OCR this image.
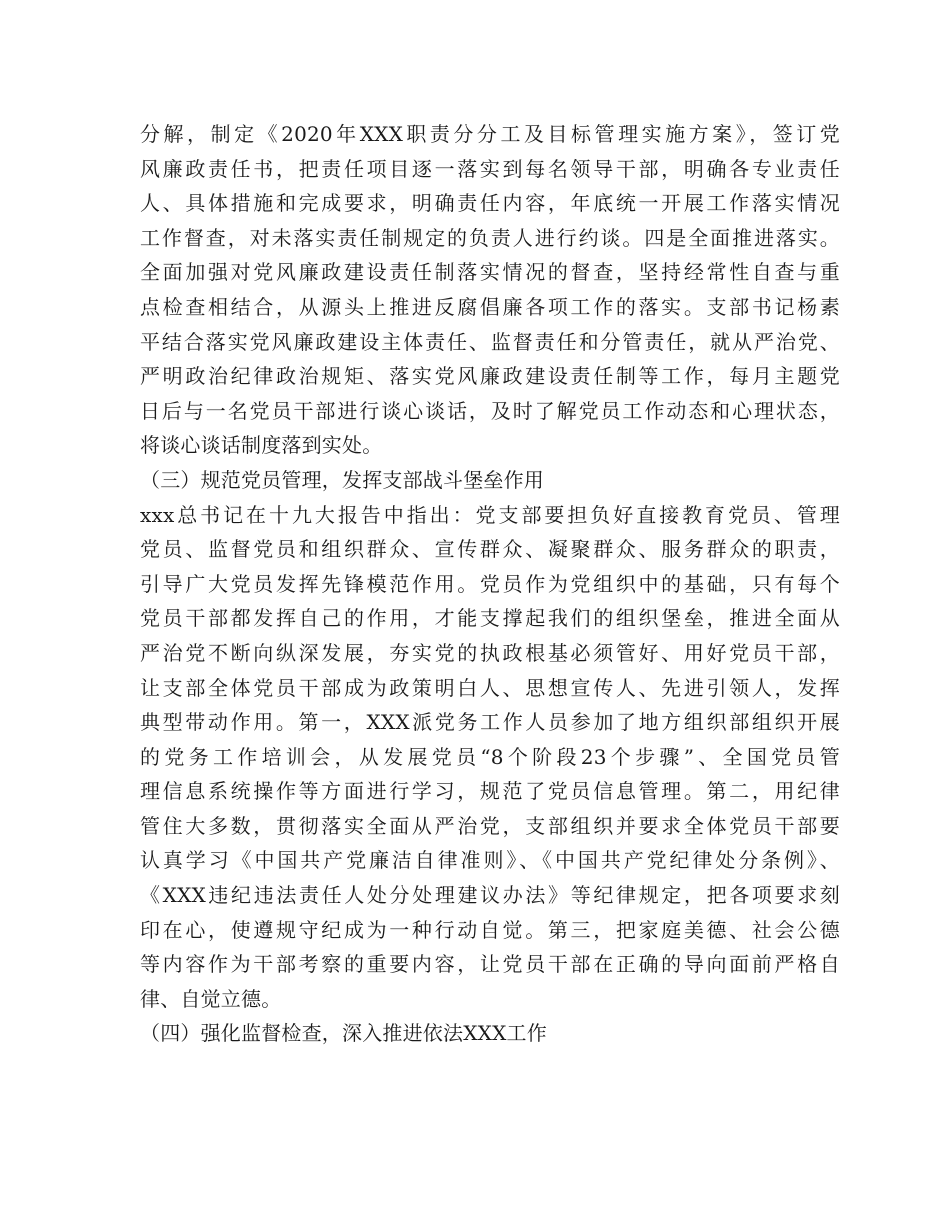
分解，制定《2020年XXX职责分分工及目标管理实施方案》，签订党
风廉政责任书，把责任项目逐一落实到每名领导干部，明确各专业责任
人、具体措施和完成要求，明确责任内容，年底统一开展工作落实情况
工作督查，对未落实责任制规定的负责人进行约谈。四是全面推进落实。
全面加强对党风廉政建设责任制落实情况的督查，坚持经常性自查与重
点检查相结合，从源头上推进反腐倡廉各项工作的落实。支部书记杨素
平结合落实党风廉政建设主体责任、监督责任和分管责任，就从严治党、
严明政治纪律政治规矩、落实党风廉政建设责任制等工作，每月主题党
日后与一名党员干部进行谈心谈话，及时了解党员工作动态和心理状态，
将谈心谈话制度落到实处。
（三）规范党员管理，发挥支部战斗堡垒作用
xxx总书记在十九大报告中指出：党支部要担负好直接教育党员、管理
党员、监督党员和组织群众、宣传群众、凝聚群众、服务群众的职责，
引导广大党员发挥先锋模范作用。党员作为党组织中的基础，只有每个
党员干部都发挥自己的作用，才能支撑起我们的组织堡垒，推进全面从
严治党不断向纵深发展，夯实党的执政根基必须管好、用好党员干部，
让支部全体党员干部成为政策明白人、思想宣传人、先进引领人，发挥
典型带动作用。第一，XXX派党务工作人员参加了地方组织部组织开展
的党务工作培训会，从发展党员“8个阶段23个步骤”、全国党员管
理信息系统操作等方面进行学习，规范了党员信息管理。第二，用纪律
管住大多数，贯彻落实全面从严治党，支部组织并要求全体党员干部要
认真学习《中国共产党廉洁自律准则》、《中国共产党纪律处分条例》、
《XXX违纪违法责任人处分处理建议办法》等纪律规定，把各项要求刻
印在心，使遵规守纪成为一种行动自觉。第三，把家庭美德、社会公德
等内容作为干部考察的重要内容，让党员干部在正确的导向面前严格自
律、自觉立德。
（四）强化监督检查，深入推进依法XXX工作
